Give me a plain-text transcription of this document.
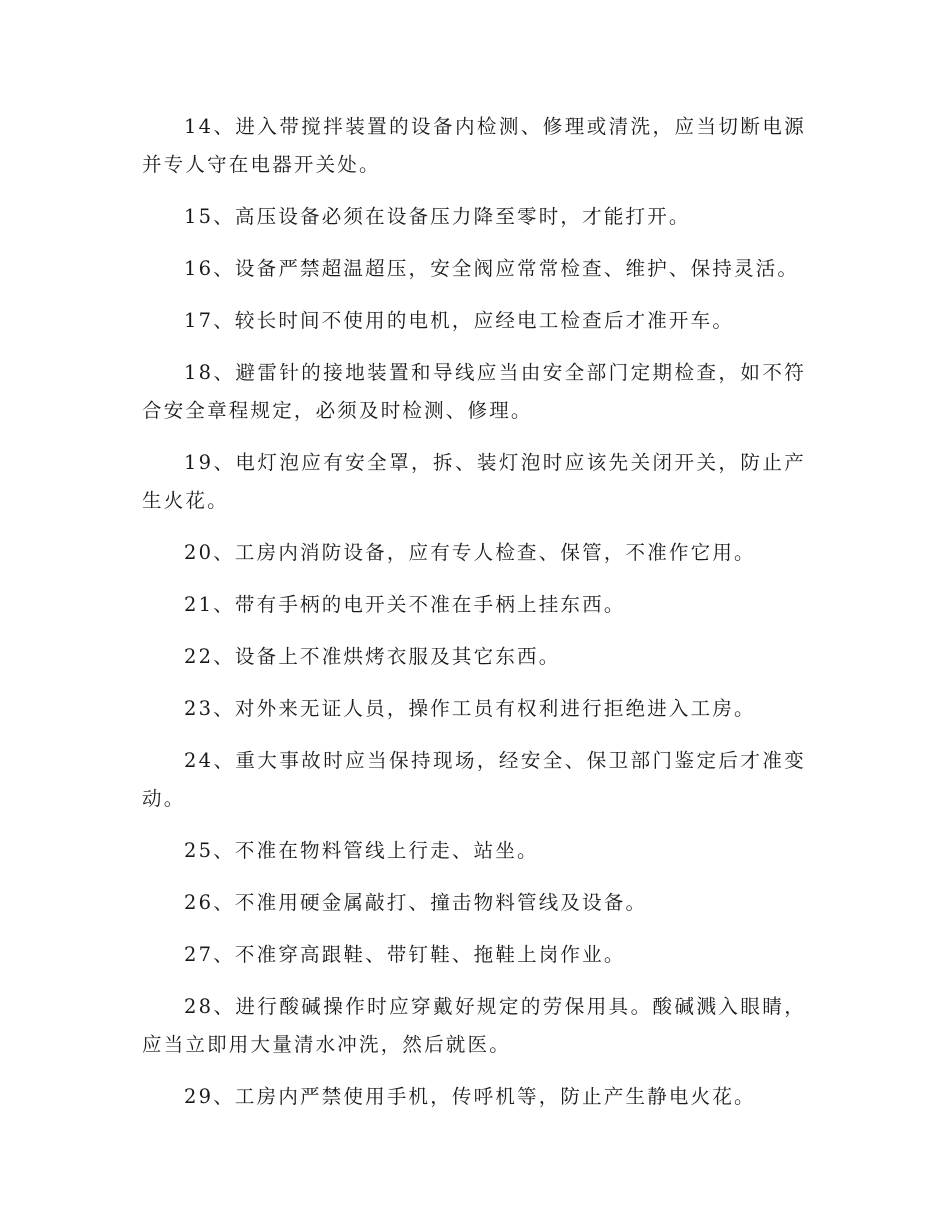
14、进入带搅拌装置的设备内检测、修理或清洗，应当切断电源并专人守在电器开关处。

15、高压设备必须在设备压力降至零时，才能打开。

16、设备严禁超温超压，安全阀应常常检查、维护、保持灵活。

17、较长时间不使用的电机，应经电工检查后才准开车。

18、避雷针的接地装置和导线应当由安全部门定期检查，如不符合安全章程规定，必须及时检测、修理。

19、电灯泡应有安全罩，拆、装灯泡时应该先关闭开关，防止产生火花。

20、工房内消防设备，应有专人检查、保管，不准作它用。

21、带有手柄的电开关不准在手柄上挂东西。

22、设备上不准烘烤衣服及其它东西。

23、对外来无证人员，操作工员有权利进行拒绝进入工房。

24、重大事故时应当保持现场，经安全、保卫部门鉴定后才准变动。

25、不准在物料管线上行走、站坐。

26、不准用硬金属敲打、撞击物料管线及设备。

27、不准穿高跟鞋、带钉鞋、拖鞋上岗作业。

28、进行酸碱操作时应穿戴好规定的劳保用具。酸碱溅入眼睛，应当立即用大量清水冲洗，然后就医。

29、工房内严禁使用手机，传呼机等，防止产生静电火花。
